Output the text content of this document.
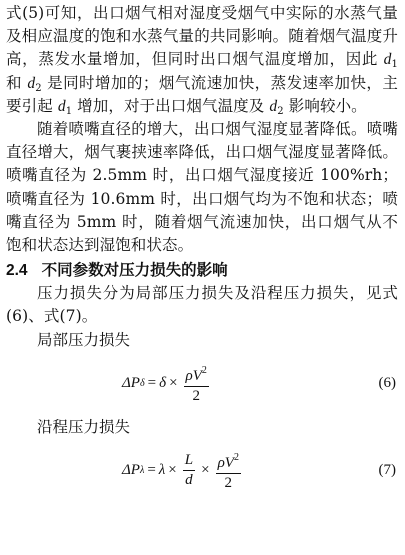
式(5)可知，出口烟气相对湿度受烟气中实际的水蒸气量及相应温度的饱和水蒸气量的共同影响。随着烟气温度升高，蒸发水量增加，但同时出口烟气温度增加，因此 $d_1$ 和 $d_2$ 是同时增加的；烟气流速加快，蒸发速率加快，主要引起 $d_1$ 增加，对于出口烟气温度及 $d_2$ 影响较小。

随着喷嘴直径的增大，出口烟气湿度显著降低。喷嘴直径增大，烟气裹挟速率降低，出口烟气湿度显著降低。喷嘴直径为 2.5mm 时，出口烟气湿度接近 100%rh；喷嘴直径为 10.6mm 时，出口烟气均为不饱和状态；喷嘴直径为 5mm 时，随着烟气流速加快，出口烟气从不饱和状态达到湿饱和状态。

2.4 不同参数对压力损失的影响

压力损失分为局部压力损失及沿程压力损失，见式(6)、式(7)。

局部压力损失

ΔP $\delta = \delta \times \frac{\rho V^2}{2}$	(6)

沿程压力损失

ΔP $\lambda = \lambda \times \frac{L}{d} \times \frac{\rho V^2}{2}$	(7)
